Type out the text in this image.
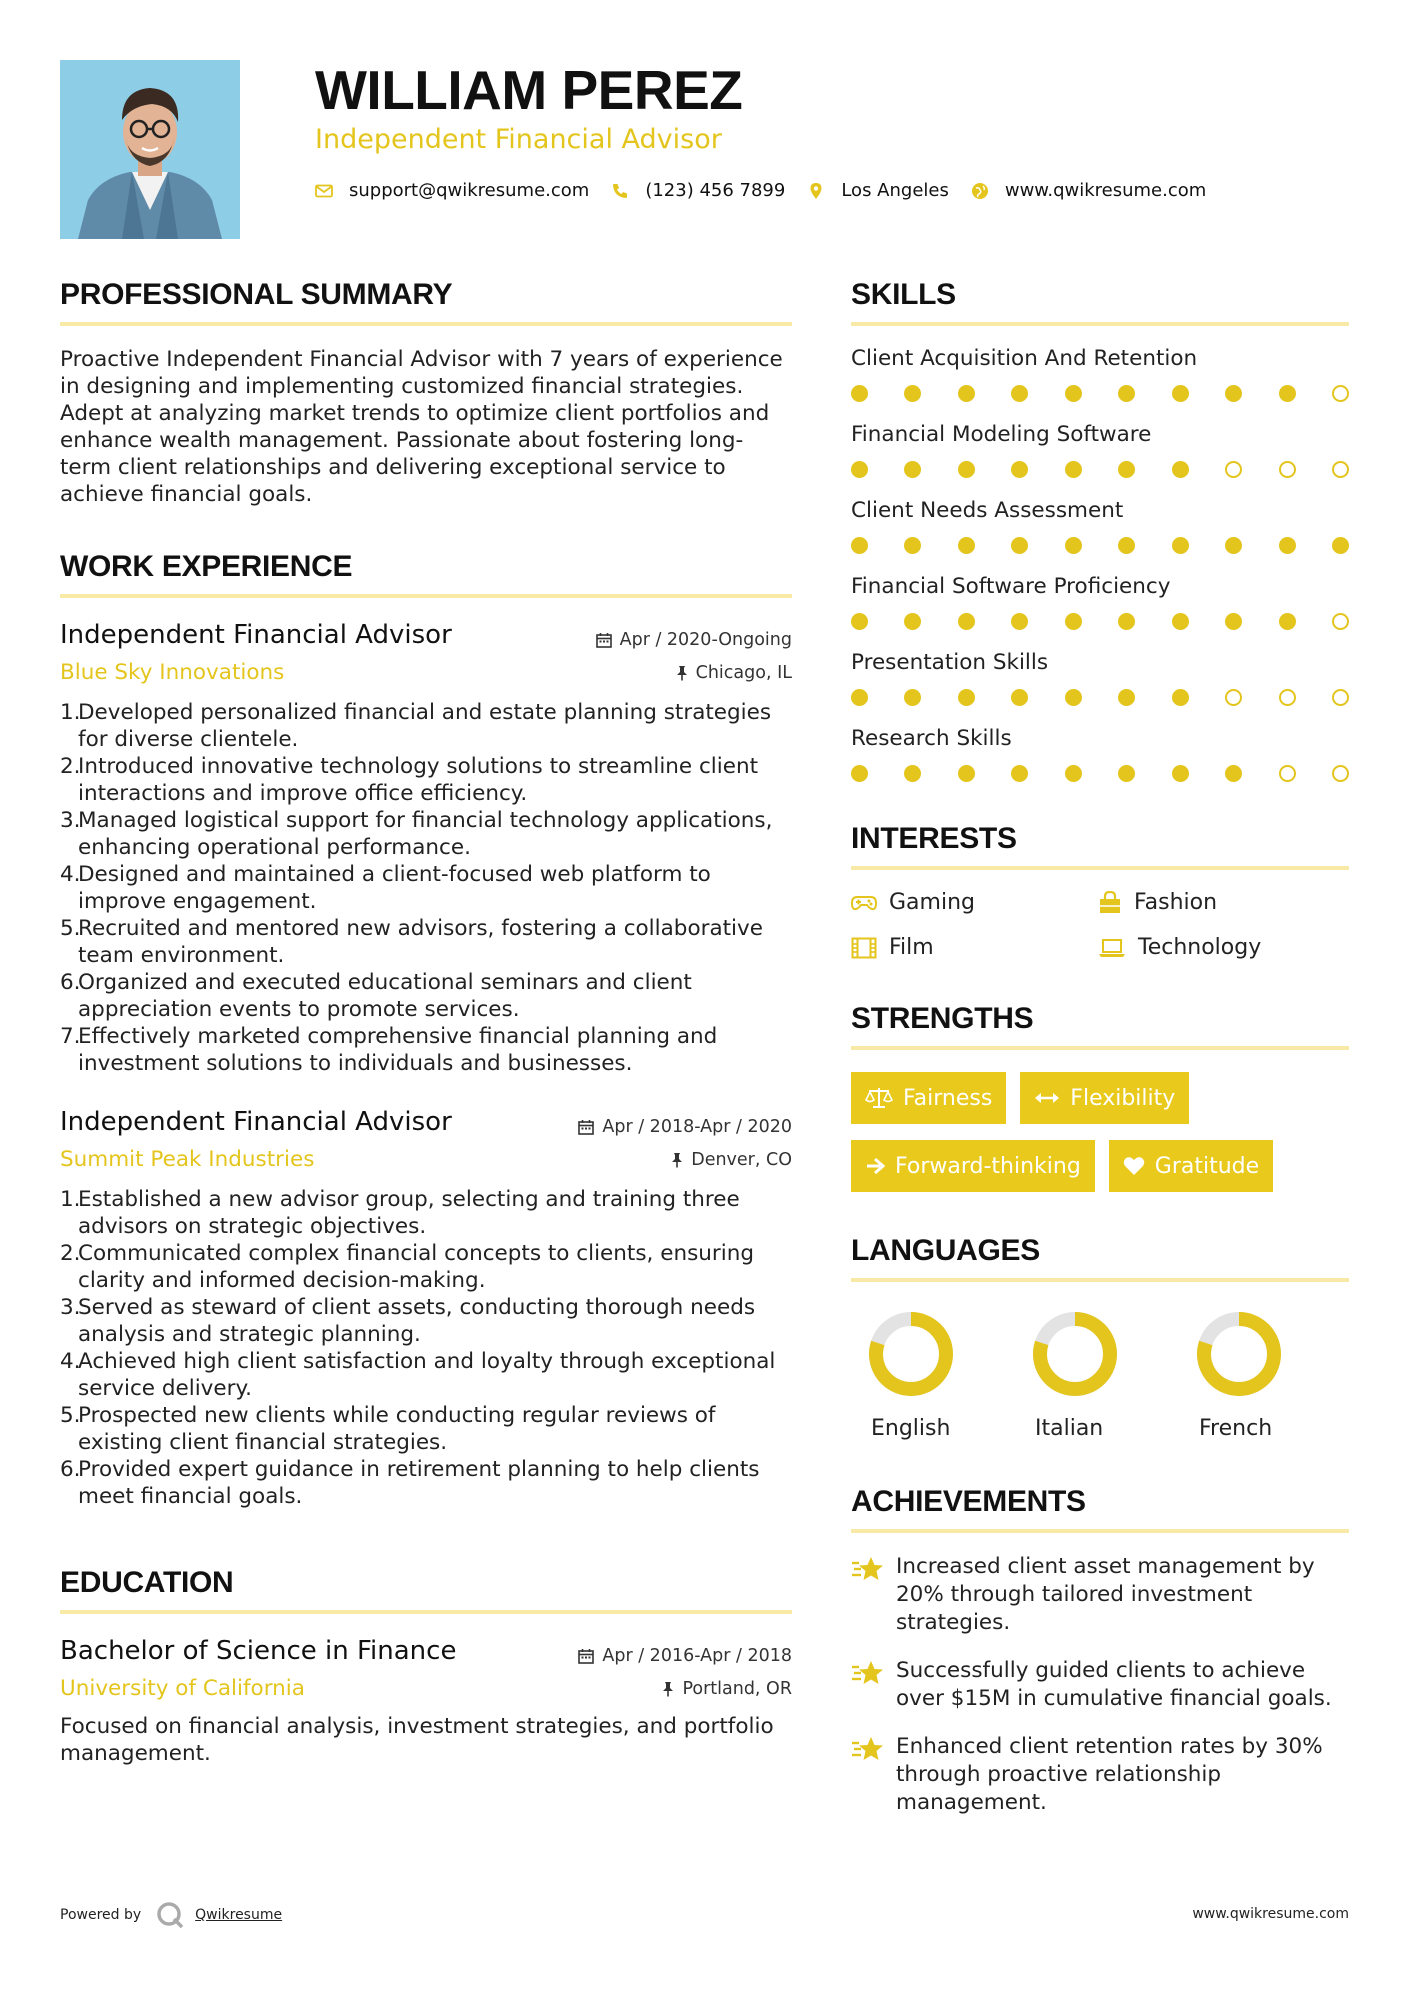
WILLIAM PEREZ
Independent Financial Advisor
support@qwikresume.com	(123) 456 7899	Los Angeles	www.qwikresume.com
PROFESSIONAL SUMMARY
Proactive Independent Financial Advisor with 7 years of experience in designing and implementing customized financial strategies. Adept at analyzing market trends to optimize client portfolios and enhance wealth management. Passionate about fostering long-term client relationships and delivering exceptional service to achieve financial goals.
WORK EXPERIENCE
Independent Financial Advisor	Apr / 2020-Ongoing
Blue Sky Innovations	Chicago, IL
1.Developed personalized financial and estate planning strategies for diverse clientele.
2.Introduced innovative technology solutions to streamline client interactions and improve office efficiency.
3.Managed logistical support for financial technology applications, enhancing operational performance.
4.Designed and maintained a client-focused web platform to improve engagement.
5.Recruited and mentored new advisors, fostering a collaborative team environment.
6.Organized and executed educational seminars and client appreciation events to promote services.
7.Effectively marketed comprehensive financial planning and investment solutions to individuals and businesses.
Independent Financial Advisor	Apr / 2018-Apr / 2020
Summit Peak Industries	Denver, CO
1.Established a new advisor group, selecting and training three advisors on strategic objectives.
2.Communicated complex financial concepts to clients, ensuring clarity and informed decision-making.
3.Served as steward of client assets, conducting thorough needs analysis and strategic planning.
4.Achieved high client satisfaction and loyalty through exceptional service delivery.
5.Prospected new clients while conducting regular reviews of existing client financial strategies.
6.Provided expert guidance in retirement planning to help clients meet financial goals.
EDUCATION
Bachelor of Science in Finance	Apr / 2016-Apr / 2018
University of California	Portland, OR
Focused on financial analysis, investment strategies, and portfolio management.
SKILLS
Client Acquisition And Retention
Financial Modeling Software
Client Needs Assessment
Financial Software Proficiency
Presentation Skills
Research Skills
INTERESTS
Gaming	Fashion
Film	Technology
STRENGTHS
Fairness	Flexibility
Forward-thinking	Gratitude
LANGUAGES
English	Italian	French
ACHIEVEMENTS
Increased client asset management by 20% through tailored investment strategies.
Successfully guided clients to achieve over $15M in cumulative financial goals.
Enhanced client retention rates by 30% through proactive relationship management.
Powered by	Qwikresume	www.qwikresume.com
